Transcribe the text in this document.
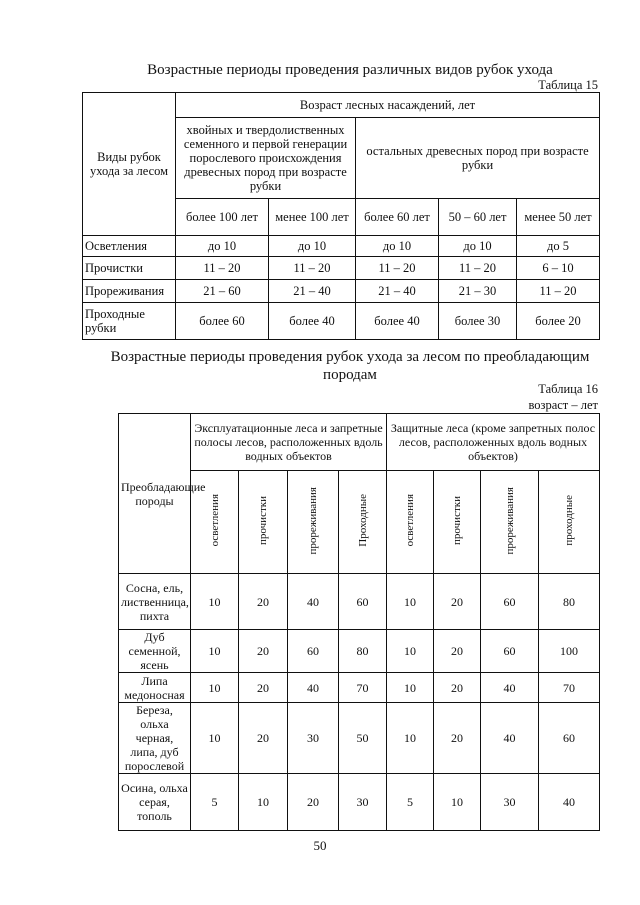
Возрастные периоды проведения различных видов рубок ухода
Таблица 15
Виды рубок ухода за лесом	Возраст лесных насаждений, лет				
	хвойных и твердолиственных семенного и первой генерации порослевого происхождения древесных пород при возрасте рубки		остальных древесных пород при возрасте рубки		
	более 100 лет	менее 100 лет	более 60 лет	50 – 60 лет	менее 50 лет
Осветления	до 10	до 10	до 10	до 10	до 5
Прочистки	11 – 20	11 – 20	11 – 20	11 – 20	6 – 10
Прореживания	21 – 60	21 – 40	21 – 40	21 – 30	11 – 20
Проходные рубки	более 60	более 40	более 40	более 30	более 20
Возрастные периоды проведения рубок ухода за лесом по преобладающим породам
Таблица 16
возраст – лет
Преобладающие породы	Эксплуатационные леса и запретные полосы лесов, расположенных вдоль водных объектов				Защитные леса (кроме запретных полос лесов, расположенных вдоль водных объектов)			
	осветления	прочистки	прореживания	Проходные	осветления	прочистки	прореживания	проходные
Сосна, ель, лиственница, пихта	10	20	40	60	10	20	60	80
Дуб семенной, ясень	10	20	60	80	10	20	60	100
Липа медоносная	10	20	40	70	10	20	40	70
Береза, ольха черная, липа, дуб порослевой	10	20	30	50	10	20	40	60
Осина, ольха серая, тополь	5	10	20	30	5	10	30	40
50
